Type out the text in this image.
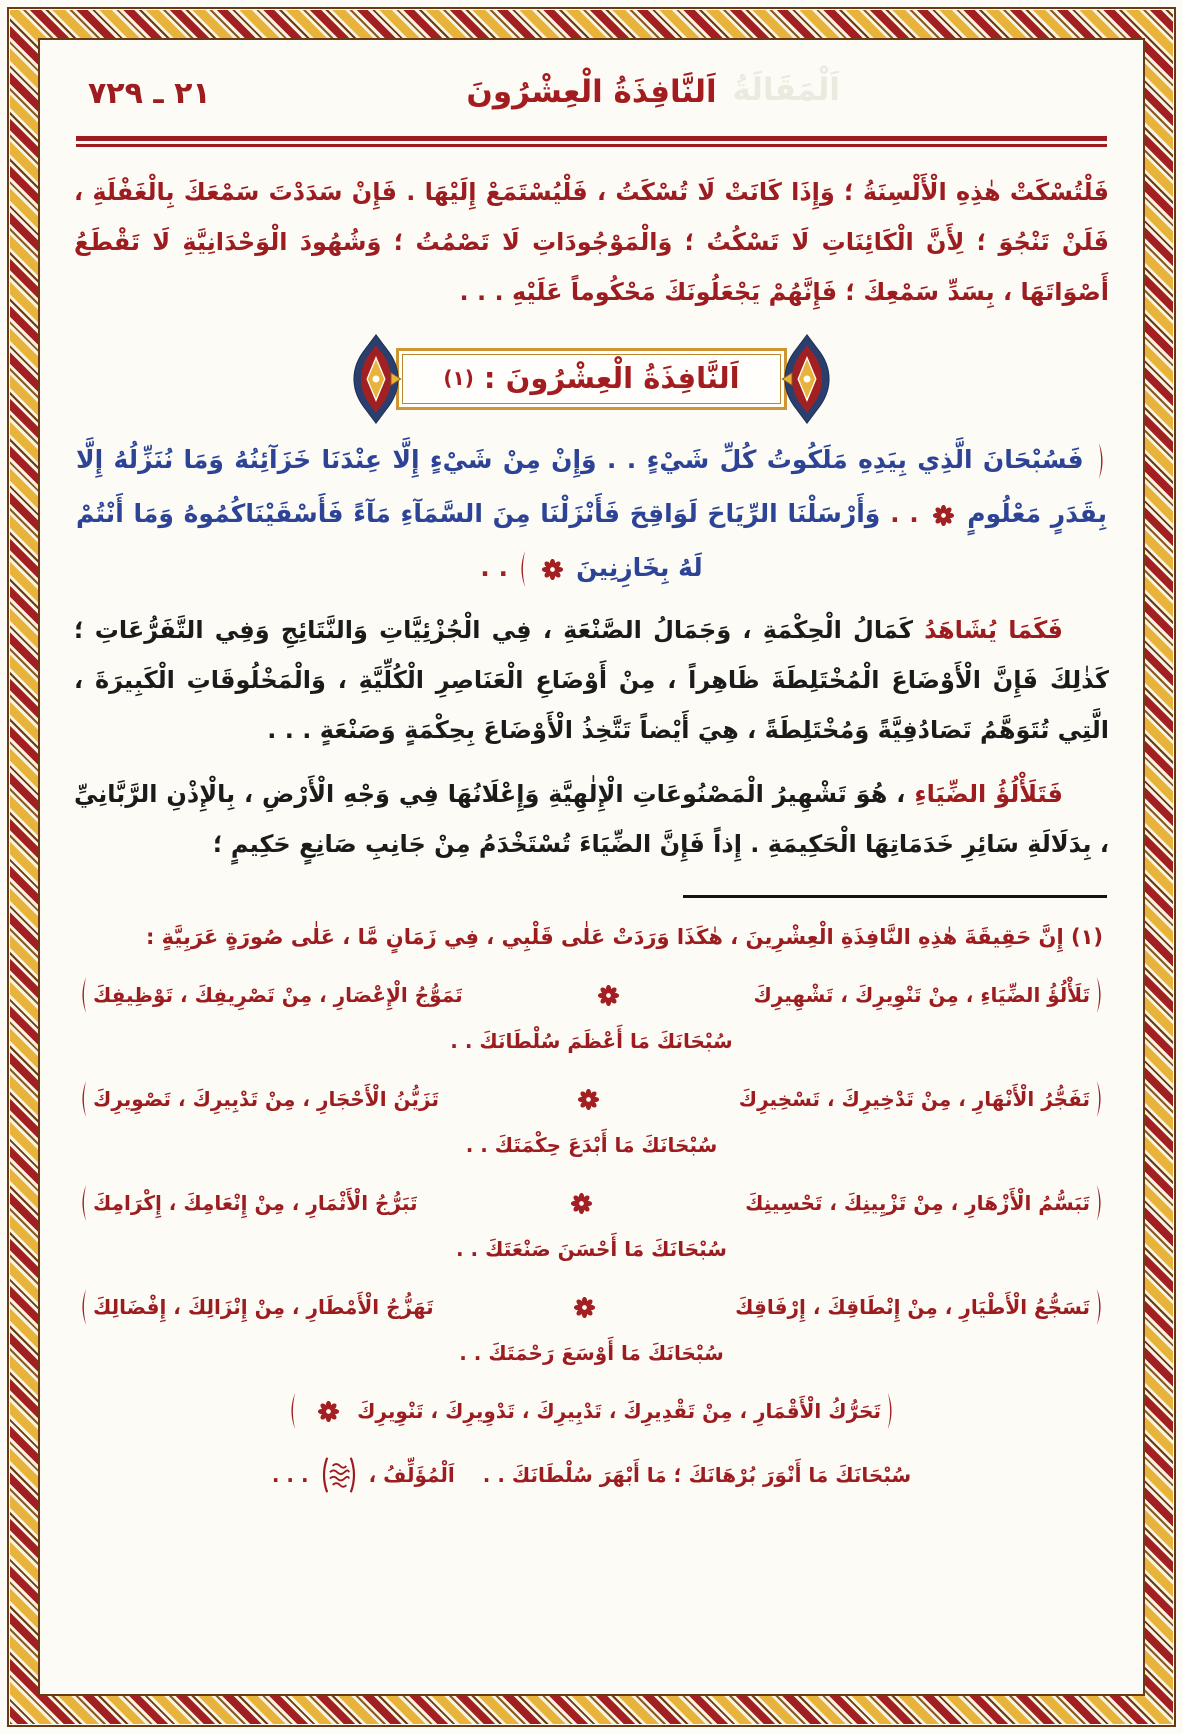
اَلْمَقَالَةُ
اَلنَّافِذَةُ الْعِشْرُونَ
٢١ ـ ٧٢٩

فَلْتُسْكَتْ هٰذِهِ الْأَلْسِنَةُ ؛ وَإِذَا كَانَتْ لَا تُسْكَتُ ، فَلْيُسْتَمَعْ إِلَيْهَا . فَإِنْ سَدَدْتَ سَمْعَكَ بِالْغَفْلَةِ ، فَلَنْ تَنْجُوَ ؛ لِأَنَّ الْكَائِنَاتِ لَا تَسْكُتُ ؛ وَالْمَوْجُودَاتِ لَا تَصْمُتُ ؛ وَشُهُودَ الْوَحْدَانِيَّةِ لَا تَقْطَعُ أَصْوَاتَهَا ، بِسَدِّ سَمْعِكَ ؛ فَإِنَّهُمْ يَجْعَلُونَكَ مَحْكُوماً عَلَيْهِ . . .

اَلنَّافِذَةُ الْعِشْرُونَ :
(١)

فَسُبْحَانَ الَّذِي بِيَدِهِ مَلَكُوتُ كُلِّ شَيْءٍ . . وَإِنْ مِنْ شَيْءٍ إِلَّا عِنْدَنَا خَزَآئِنُهُ وَمَا نُنَزِّلُهُ إِلَّا بِقَدَرٍ مَعْلُومٍ  . . وَأَرْسَلْنَا الرِّيَاحَ لَوَاقِحَ فَأَنْزَلْنَا مِنَ السَّمَآءِ مَآءً فَأَسْقَيْنَاكُمُوهُ وَمَا أَنْتُمْ لَهُ بِخَازِنِينَ   . .

فَكَمَا يُشَاهَدُ كَمَالُ الْحِكْمَةِ ، وَجَمَالُ الصَّنْعَةِ ، فِي الْجُزْئِيَّاتِ وَالنَّتَائِجِ وَفِي التَّفَرُّعَاتِ ؛ كَذٰلِكَ فَإِنَّ الْأَوْضَاعَ الْمُخْتَلِطَةَ ظَاهِراً ، مِنْ أَوْضَاعِ الْعَنَاصِرِ الْكُلِّيَّةِ ، وَالْمَخْلُوقَاتِ الْكَبِيرَةَ ، الَّتِي تُتَوَهَّمُ تَصَادُفِيَّةً وَمُخْتَلِطَةً ، هِيَ أَيْضاً تَتَّخِذُ الْأَوْضَاعَ بِحِكْمَةٍ وَصَنْعَةٍ . . .

فَتَلَأْلُؤُ الضِّيَاءِ ، هُوَ تَشْهِيرُ الْمَصْنُوعَاتِ الْإِلٰهِيَّةِ وَإِعْلَانُهَا فِي وَجْهِ الْأَرْضِ ، بِالْإِذْنِ الرَّبَّانِيِّ ، بِدَلَالَةِ سَائِرِ خَدَمَاتِهَا الْحَكِيمَةِ . إِذاً فَإِنَّ الضِّيَاءَ تُسْتَخْدَمُ مِنْ جَانِبِ صَانِعٍ حَكِيمٍ ؛

(١) إِنَّ حَقِيقَةَ هٰذِهِ النَّافِذَةِ الْعِشْرِينَ ، هٰكَذَا وَرَدَتْ عَلٰى قَلْبِي ، فِي زَمَانٍ مَّا ، عَلٰى صُورَةٍ عَرَبِيَّةٍ :

تَلَأْلُؤُ الضِّيَاءِ ، مِنْ تَنْوِيرِكَ ، تَشْهِيرِكَ
تَمَوُّجُ الْإِعْصَارِ ، مِنْ تَصْرِيفِكَ ، تَوْظِيفِكَ

سُبْحَانَكَ مَا أَعْظَمَ سُلْطَانَكَ . .

تَفَجُّرُ الْأَنْهَارِ ، مِنْ تَدْخِيرِكَ ، تَسْخِيرِكَ
تَزَيُّنُ الْأَحْجَارِ ، مِنْ تَدْبِيرِكَ ، تَصْوِيرِكَ

سُبْحَانَكَ مَا أَبْدَعَ حِكْمَتَكَ . .

تَبَسُّمُ الْأَزْهَارِ ، مِنْ تَزْيِينِكَ ، تَحْسِينِكَ
تَبَرُّجُ الْأَثْمَارِ ، مِنْ إِنْعَامِكَ ، إِكْرَامِكَ

سُبْحَانَكَ مَا أَحْسَنَ صَنْعَتَكَ . .

تَسَجُّعُ الْأَطْيَارِ ، مِنْ إِنْطَاقِكَ ، إِرْفَاقِكَ
تَهَزُّجُ الْأَمْطَارِ ، مِنْ إِنْزَالِكَ ، إِفْضَالِكَ

سُبْحَانَكَ مَا أَوْسَعَ رَحْمَتَكَ . .

تَحَرُّكُ الْأَقْمَارِ ، مِنْ تَقْدِيرِكَ ، تَدْبِيرِكَ ، تَدْوِيرِكَ ، تَنْوِيرِكَ
سُبْحَانَكَ مَا أَنْوَرَ بُرْهَانَكَ ؛ مَا أَبْهَرَ سُلْطَانَكَ . .
اَلْمُؤَلِّفُ ،
. . .
